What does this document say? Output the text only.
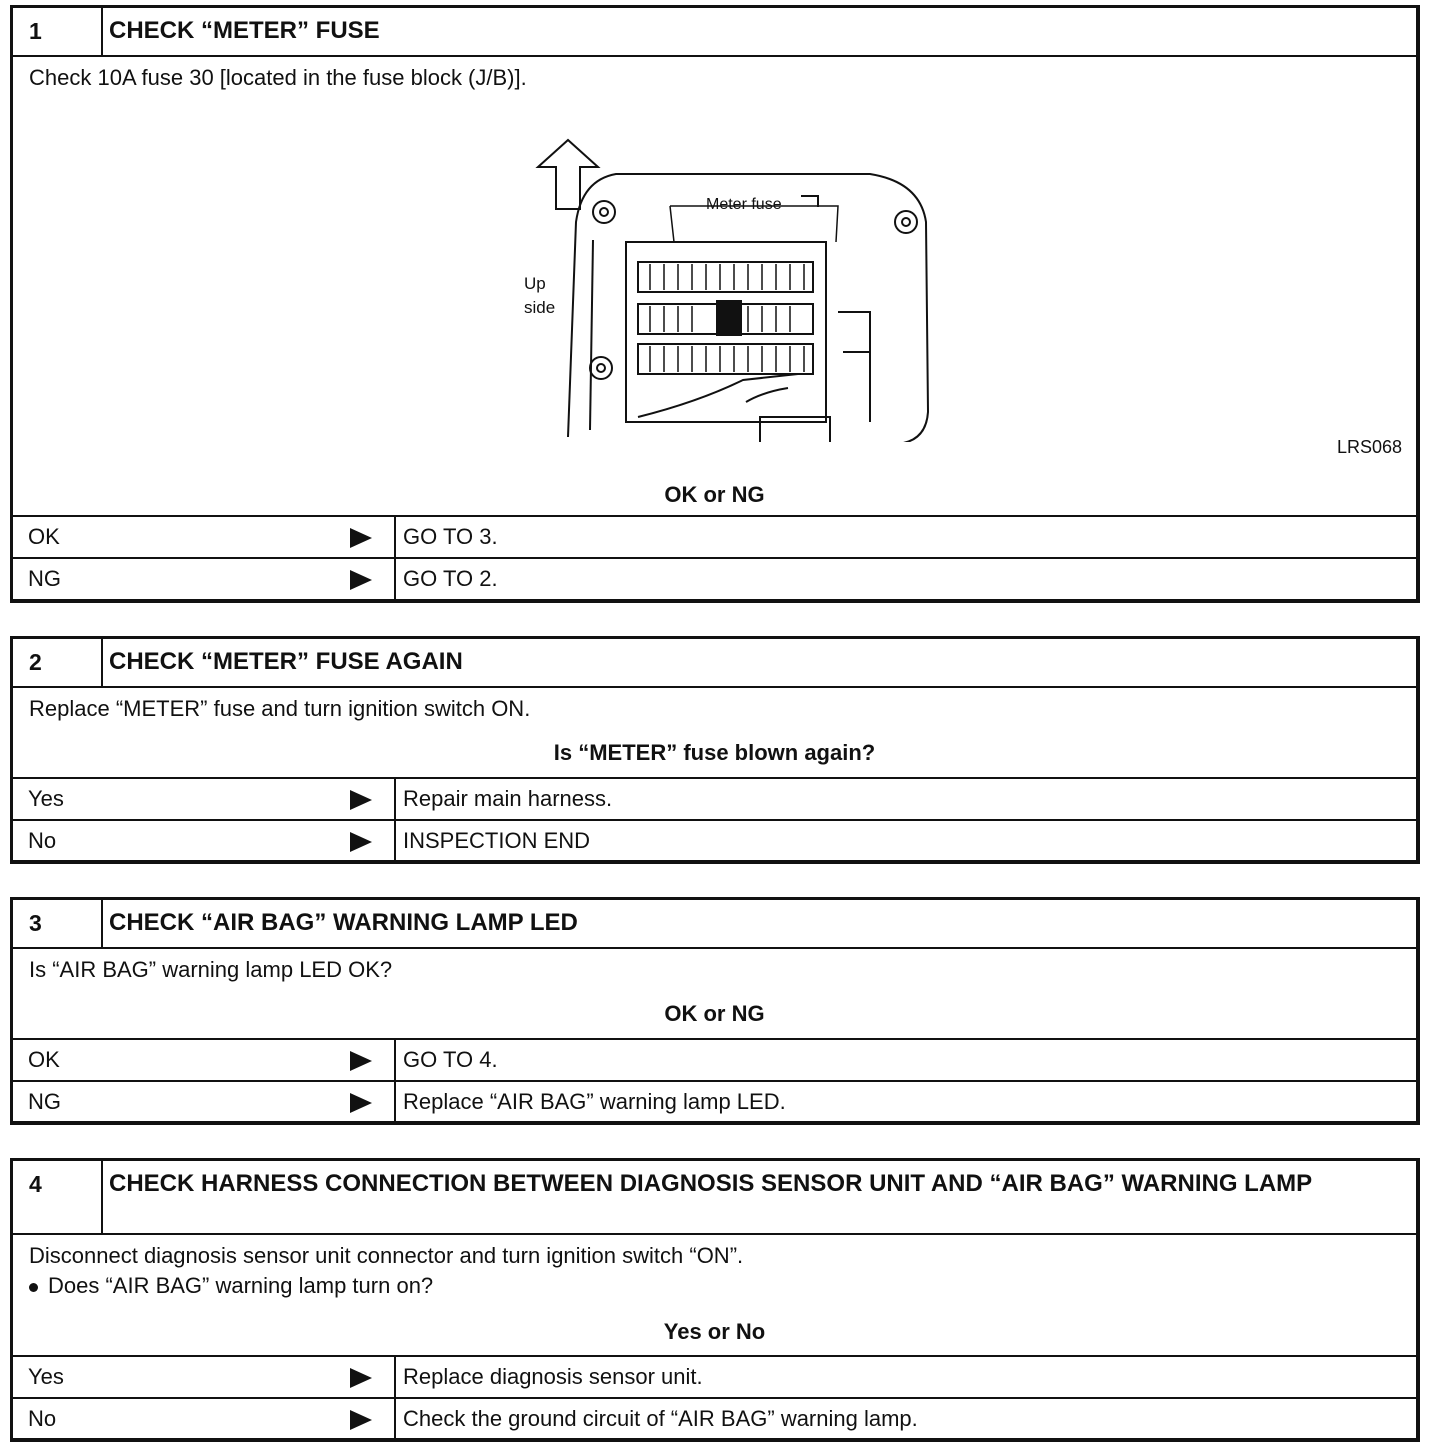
1	CHECK “METER” FUSE
Check 10A fuse 30 [located in the fuse block (J/B)].
Meter fuse
Up
side
LRS068
OK or NG
OK	GO TO 3.
NG	GO TO 2.
2	CHECK “METER” FUSE AGAIN
Replace “METER” fuse and turn ignition switch ON.
Is “METER” fuse blown again?
Yes	Repair main harness.
No	INSPECTION END
3	CHECK “AIR BAG” WARNING LAMP LED
Is “AIR BAG” warning lamp LED OK?
OK or NG
OK	GO TO 4.
NG	Replace “AIR BAG” warning lamp LED.
4	CHECK HARNESS CONNECTION BETWEEN DIAGNOSIS SENSOR UNIT AND “AIR BAG” WARNING LAMP
Disconnect diagnosis sensor unit connector and turn ignition switch “ON”.
Does “AIR BAG” warning lamp turn on?
Yes or No
Yes	Replace diagnosis sensor unit.
No	Check the ground circuit of “AIR BAG” warning lamp.
